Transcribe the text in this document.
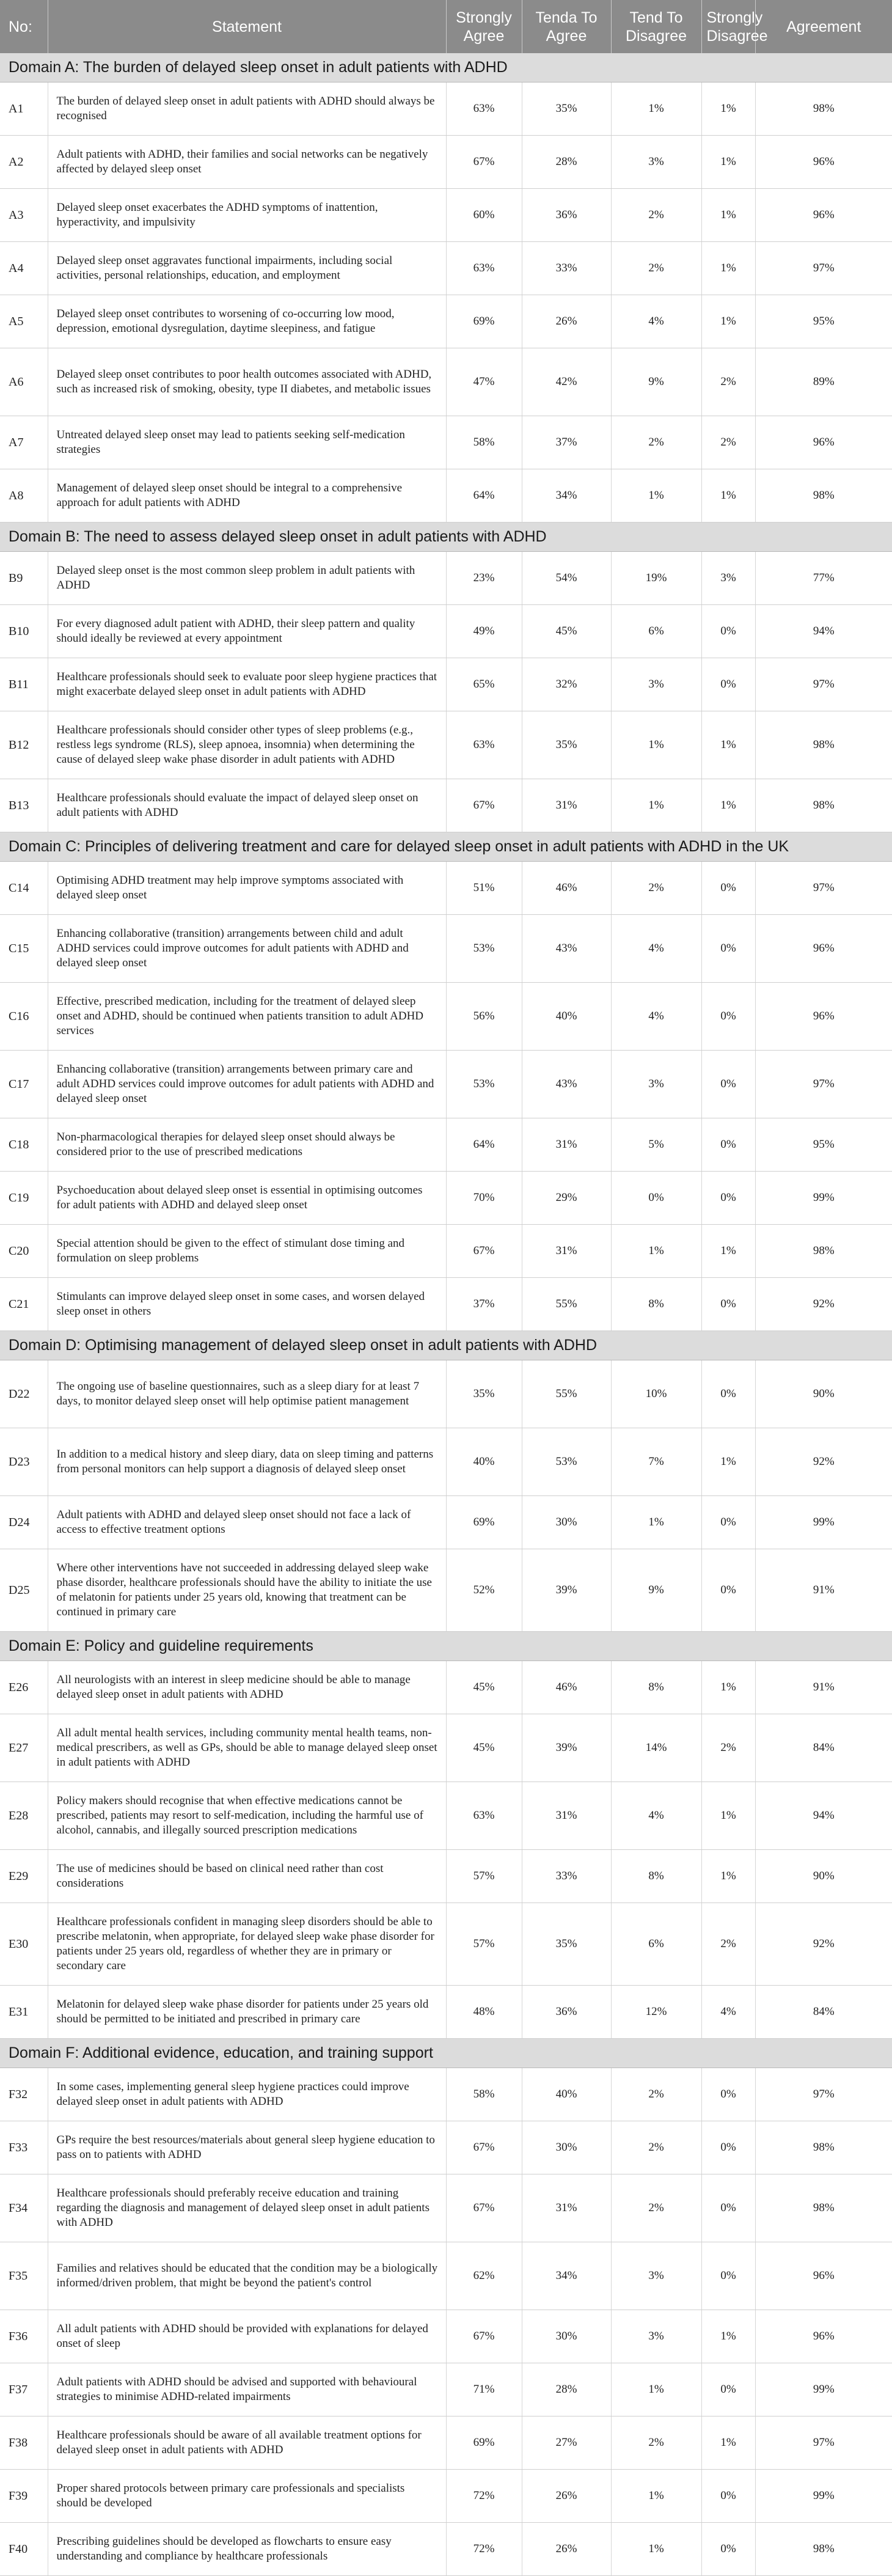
No:	Statement	Strongly Agree	Tenda To Agree	Tend To Disagree	Strongly Disagree	Agreement
Domain A: The burden of delayed sleep onset in adult patients with ADHD						
A1	The burden of delayed sleep onset in adult patients with ADHD should always be recognised	63%	35%	1%	1%	98%
A2	Adult patients with ADHD, their families and social networks can be negatively affected by delayed sleep onset	67%	28%	3%	1%	96%
A3	Delayed sleep onset exacerbates the ADHD symptoms of inattention, hyperactivity, and impulsivity	60%	36%	2%	1%	96%
A4	Delayed sleep onset aggravates functional impairments, including social activities, personal relationships, education, and employment	63%	33%	2%	1%	97%
A5	Delayed sleep onset contributes to worsening of co-occurring low mood, depression, emotional dysregulation, daytime sleepiness, and fatigue	69%	26%	4%	1%	95%
A6	Delayed sleep onset contributes to poor health outcomes associated with ADHD, such as increased risk of smoking, obesity, type II diabetes, and metabolic issues	47%	42%	9%	2%	89%
A7	Untreated delayed sleep onset may lead to patients seeking self-medication strategies	58%	37%	2%	2%	96%
A8	Management of delayed sleep onset should be integral to a comprehensive approach for adult patients with ADHD	64%	34%	1%	1%	98%
Domain B: The need to assess delayed sleep onset in adult patients with ADHD						
B9	Delayed sleep onset is the most common sleep problem in adult patients with ADHD	23%	54%	19%	3%	77%
B10	For every diagnosed adult patient with ADHD, their sleep pattern and quality should ideally be reviewed at every appointment	49%	45%	6%	0%	94%
B11	Healthcare professionals should seek to evaluate poor sleep hygiene practices that might exacerbate delayed sleep onset in adult patients with ADHD	65%	32%	3%	0%	97%
B12	Healthcare professionals should consider other types of sleep problems (e.g., restless legs syndrome (RLS), sleep apnoea, insomnia) when determining the cause of delayed sleep wake phase disorder in adult patients with ADHD	63%	35%	1%	1%	98%
B13	Healthcare professionals should evaluate the impact of delayed sleep onset on adult patients with ADHD	67%	31%	1%	1%	98%
Domain C: Principles of delivering treatment and care for delayed sleep onset in adult patients with ADHD in the UK						
C14	Optimising ADHD treatment may help improve symptoms associated with delayed sleep onset	51%	46%	2%	0%	97%
C15	Enhancing collaborative (transition) arrangements between child and adult ADHD services could improve outcomes for adult patients with ADHD and delayed sleep onset	53%	43%	4%	0%	96%
C16	Effective, prescribed medication, including for the treatment of delayed sleep onset and ADHD, should be continued when patients transition to adult ADHD services	56%	40%	4%	0%	96%
C17	Enhancing collaborative (transition) arrangements between primary care and adult ADHD services could improve outcomes for adult patients with ADHD and delayed sleep onset	53%	43%	3%	0%	97%
C18	Non-pharmacological therapies for delayed sleep onset should always be considered prior to the use of prescribed medications	64%	31%	5%	0%	95%
C19	Psychoeducation about delayed sleep onset is essential in optimising outcomes for adult patients with ADHD and delayed sleep onset	70%	29%	0%	0%	99%
C20	Special attention should be given to the effect of stimulant dose timing and formulation on sleep problems	67%	31%	1%	1%	98%
C21	Stimulants can improve delayed sleep onset in some cases, and worsen delayed sleep onset in others	37%	55%	8%	0%	92%
Domain D: Optimising management of delayed sleep onset in adult patients with ADHD						
D22	The ongoing use of baseline questionnaires, such as a sleep diary for at least 7 days, to monitor delayed sleep onset will help optimise patient management	35%	55%	10%	0%	90%
D23	In addition to a medical history and sleep diary, data on sleep timing and patterns from personal monitors can help support a diagnosis of delayed sleep onset	40%	53%	7%	1%	92%
D24	Adult patients with ADHD and delayed sleep onset should not face a lack of access to effective treatment options	69%	30%	1%	0%	99%
D25	Where other interventions have not succeeded in addressing delayed sleep wake phase disorder, healthcare professionals should have the ability to initiate the use of melatonin for patients under 25 years old, knowing that treatment can be continued in primary care	52%	39%	9%	0%	91%
Domain E: Policy and guideline requirements						
E26	All neurologists with an interest in sleep medicine should be able to manage delayed sleep onset in adult patients with ADHD	45%	46%	8%	1%	91%
E27	All adult mental health services, including community mental health teams, non-medical prescribers, as well as GPs, should be able to manage delayed sleep onset in adult patients with ADHD	45%	39%	14%	2%	84%
E28	Policy makers should recognise that when effective medications cannot be prescribed, patients may resort to self-medication, including the harmful use of alcohol, cannabis, and illegally sourced prescription medications	63%	31%	4%	1%	94%
E29	The use of medicines should be based on clinical need rather than cost considerations	57%	33%	8%	1%	90%
E30	Healthcare professionals confident in managing sleep disorders should be able to prescribe melatonin, when appropriate, for delayed sleep wake phase disorder for patients under 25 years old, regardless of whether they are in primary or secondary care	57%	35%	6%	2%	92%
E31	Melatonin for delayed sleep wake phase disorder for patients under 25 years old should be permitted to be initiated and prescribed in primary care	48%	36%	12%	4%	84%
Domain F: Additional evidence, education, and training support						
F32	In some cases, implementing general sleep hygiene practices could improve delayed sleep onset in adult patients with ADHD	58%	40%	2%	0%	97%
F33	GPs require the best resources/materials about general sleep hygiene education to pass on to patients with ADHD	67%	30%	2%	0%	98%
F34	Healthcare professionals should preferably receive education and training regarding the diagnosis and management of delayed sleep onset in adult patients with ADHD	67%	31%	2%	0%	98%
F35	Families and relatives should be educated that the condition may be a biologically informed/driven problem, that might be beyond the patient's control	62%	34%	3%	0%	96%
F36	All adult patients with ADHD should be provided with explanations for delayed onset of sleep	67%	30%	3%	1%	96%
F37	Adult patients with ADHD should be advised and supported with behavioural strategies to minimise ADHD-related impairments	71%	28%	1%	0%	99%
F38	Healthcare professionals should be aware of all available treatment options for delayed sleep onset in adult patients with ADHD	69%	27%	2%	1%	97%
F39	Proper shared protocols between primary care professionals and specialists should be developed	72%	26%	1%	0%	99%
F40	Prescribing guidelines should be developed as flowcharts to ensure easy understanding and compliance by healthcare professionals	72%	26%	1%	0%	98%
